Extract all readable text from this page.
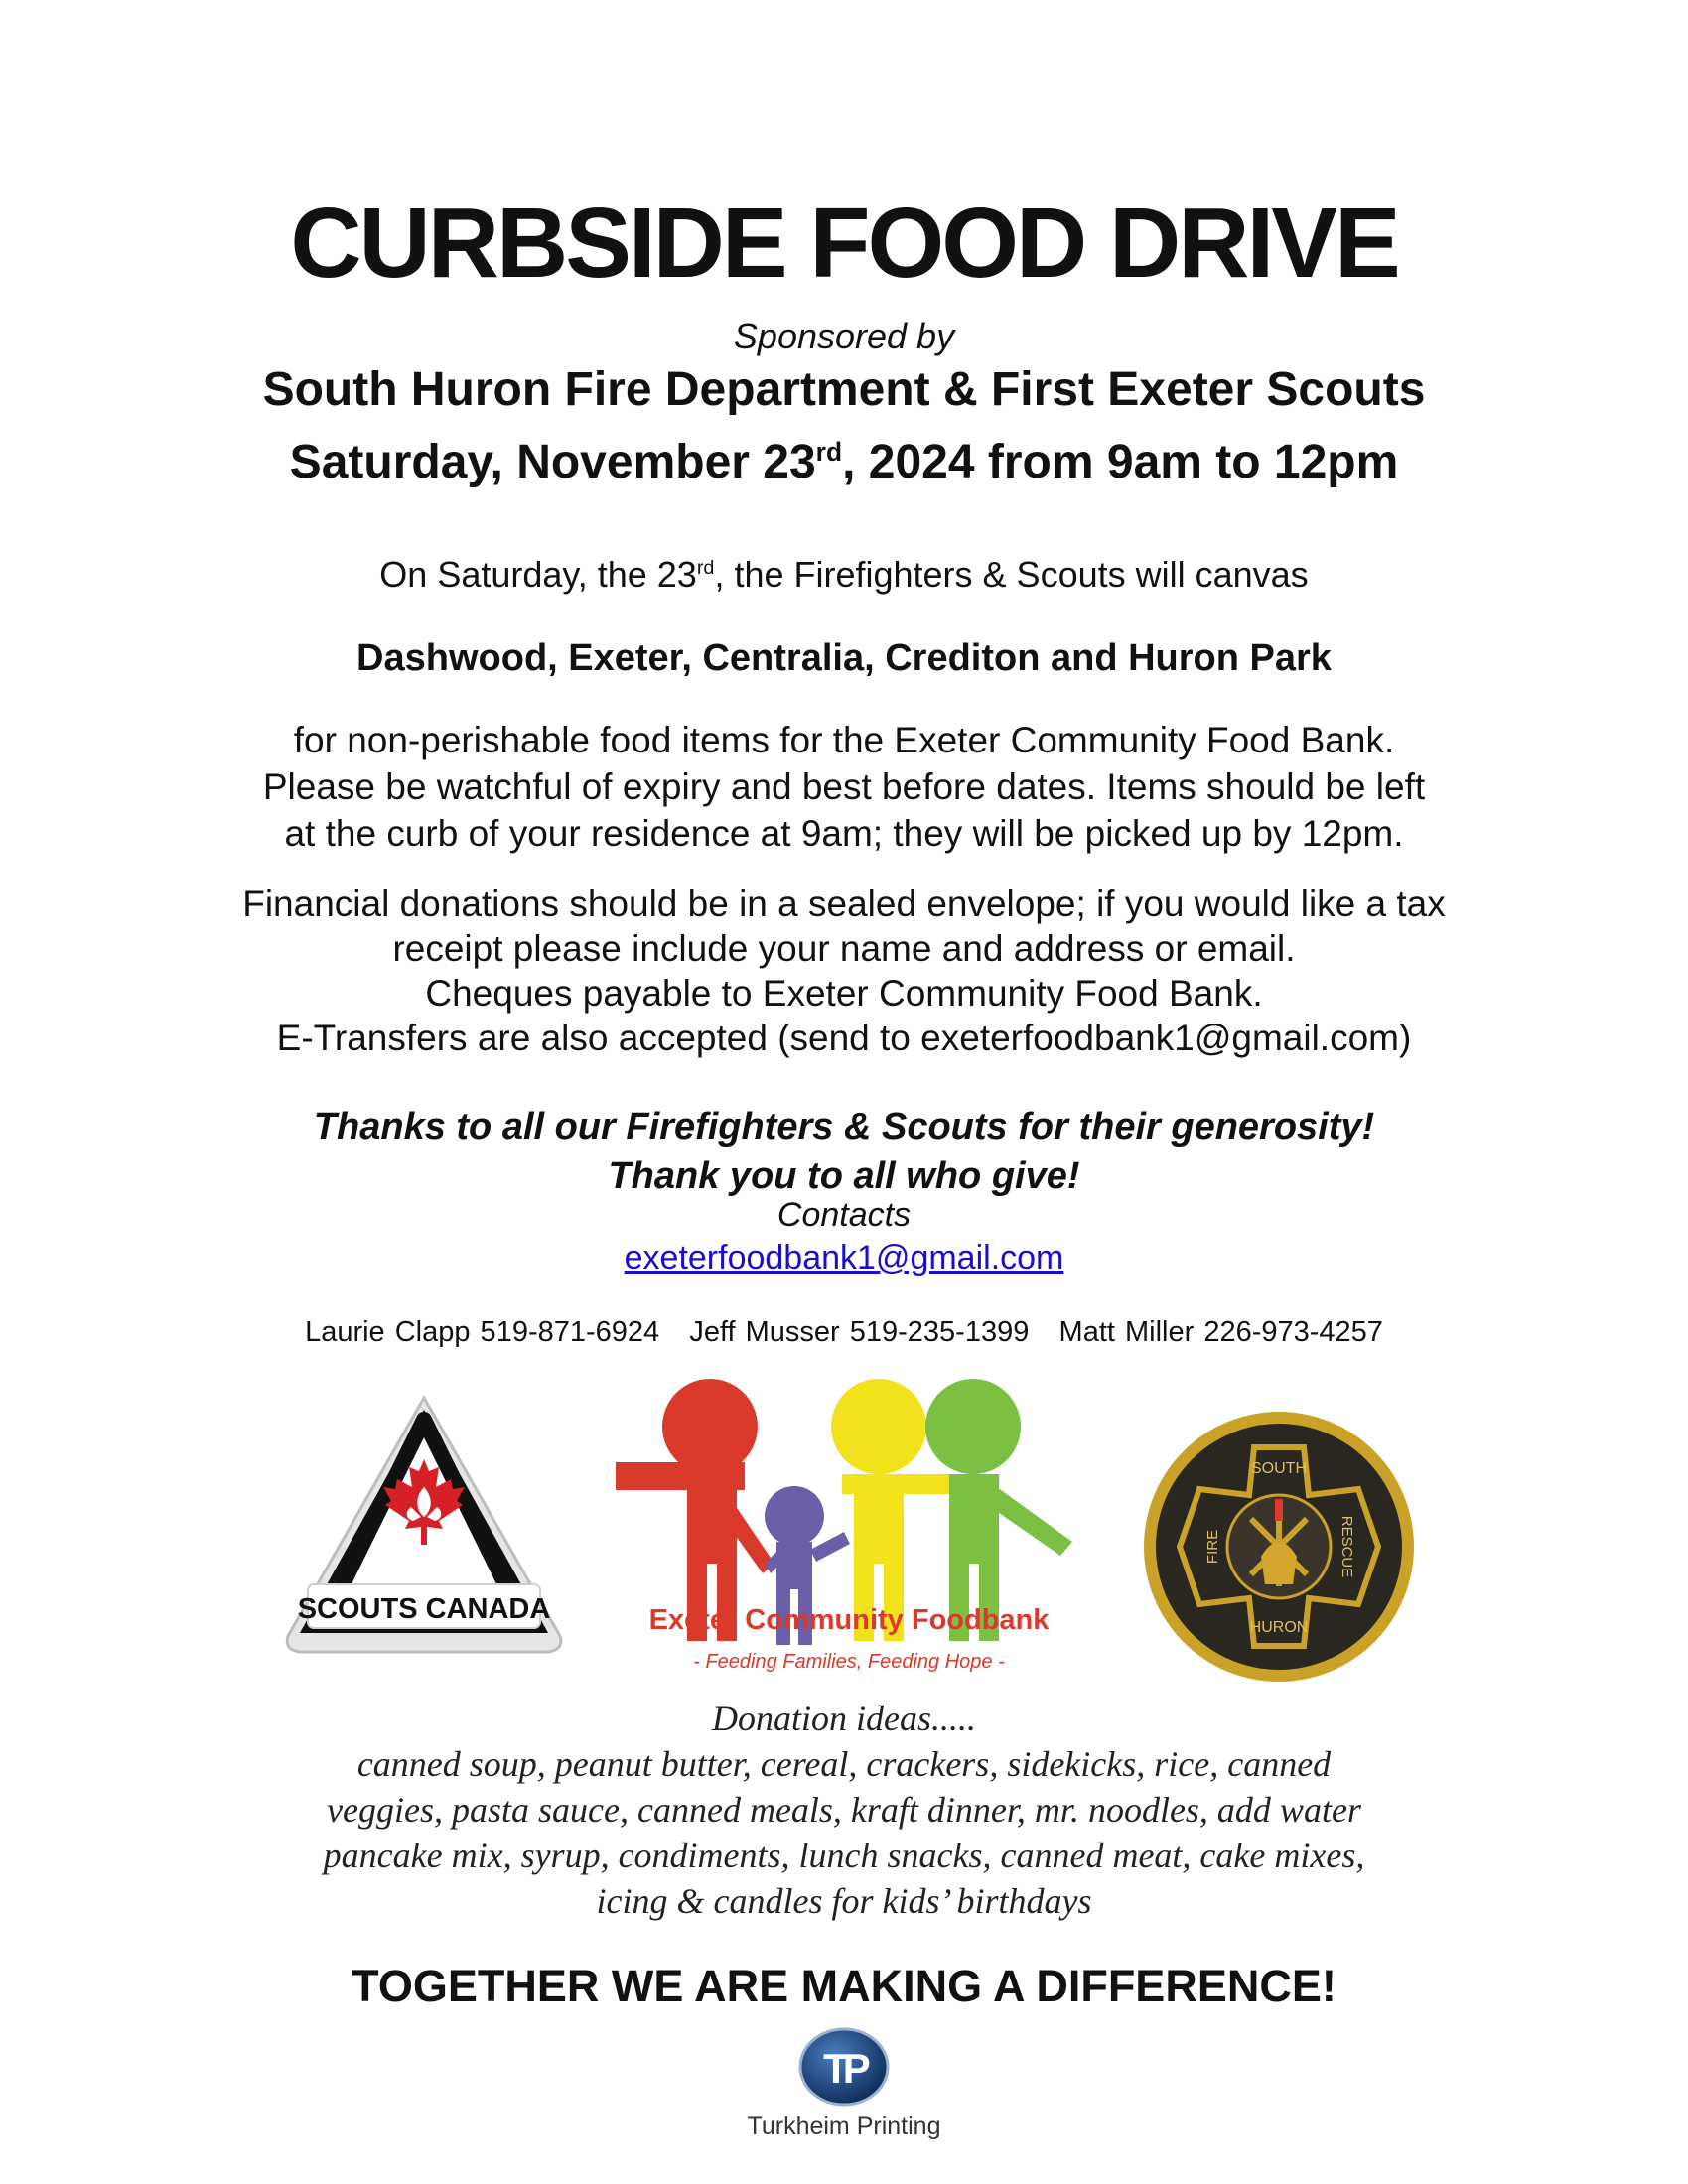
CURBSIDE FOOD DRIVE
Sponsored by
South Huron Fire Department & First Exeter Scouts
Saturday, November 23rd, 2024 from 9am to 12pm
On Saturday, the 23rd, the Firefighters & Scouts will canvas
Dashwood, Exeter, Centralia, Crediton and Huron Park
for non-perishable food items for the Exeter Community Food Bank.
Please be watchful of expiry and best before dates. Items should be left
at the curb of your residence at 9am; they will be picked up by 12pm.
Financial donations should be in a sealed envelope; if you would like a tax
receipt please include your name and address or email.
Cheques payable to Exeter Community Food Bank.
E-Transfers are also accepted (send to exeterfoodbank1@gmail.com)
Thanks to all our Firefighters & Scouts for their generosity!
Thank you to all who give!
Contacts
exeterfoodbank1@gmail.com
Laurie Clapp 519-871-6924 Jeff Musser 519-235-1399 Matt Miller 226-973-4257
SCOUTS CANADA	Exeter Community Foodbank
- Feeding Families, Feeding Hope -
SOUTH
HURON
FIRE	RESCUE
Donation ideas.....
canned soup, peanut butter, cereal, crackers, sidekicks, rice, canned
veggies, pasta sauce, canned meals, kraft dinner, mr. noodles, add water
pancake mix, syrup, condiments, lunch snacks, canned meat, cake mixes,
icing & candles for kids’ birthdays
TOGETHER WE ARE MAKING A DIFFERENCE!
TP
Turkheim Printing
